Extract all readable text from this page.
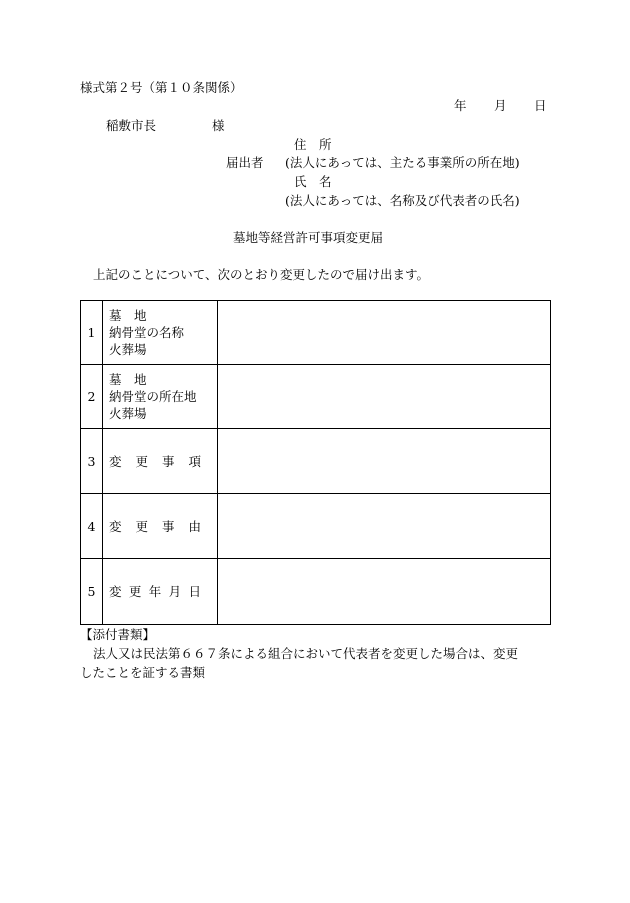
様式第２号（第１０条関係）
年 月 日
稲敷市長	様
住　所
届出者 (法人にあっては、主たる事業所の所在地)
氏　名
(法人にあっては、名称及び代表者の氏名)
墓地等経営許可事項変更届
上記のことについて、次のとおり変更したので届け出ます。
1	墓　地
納骨堂の名称
火葬場	

2	墓　地
納骨堂の所在地
火葬場	

3	変 更 事 項	

4	変 更 事 由	

5	変 更 年 月 日	

【添付書類】
法人又は民法第６６７条による組合において代表者を変更した場合は、変更
したことを証する書類
